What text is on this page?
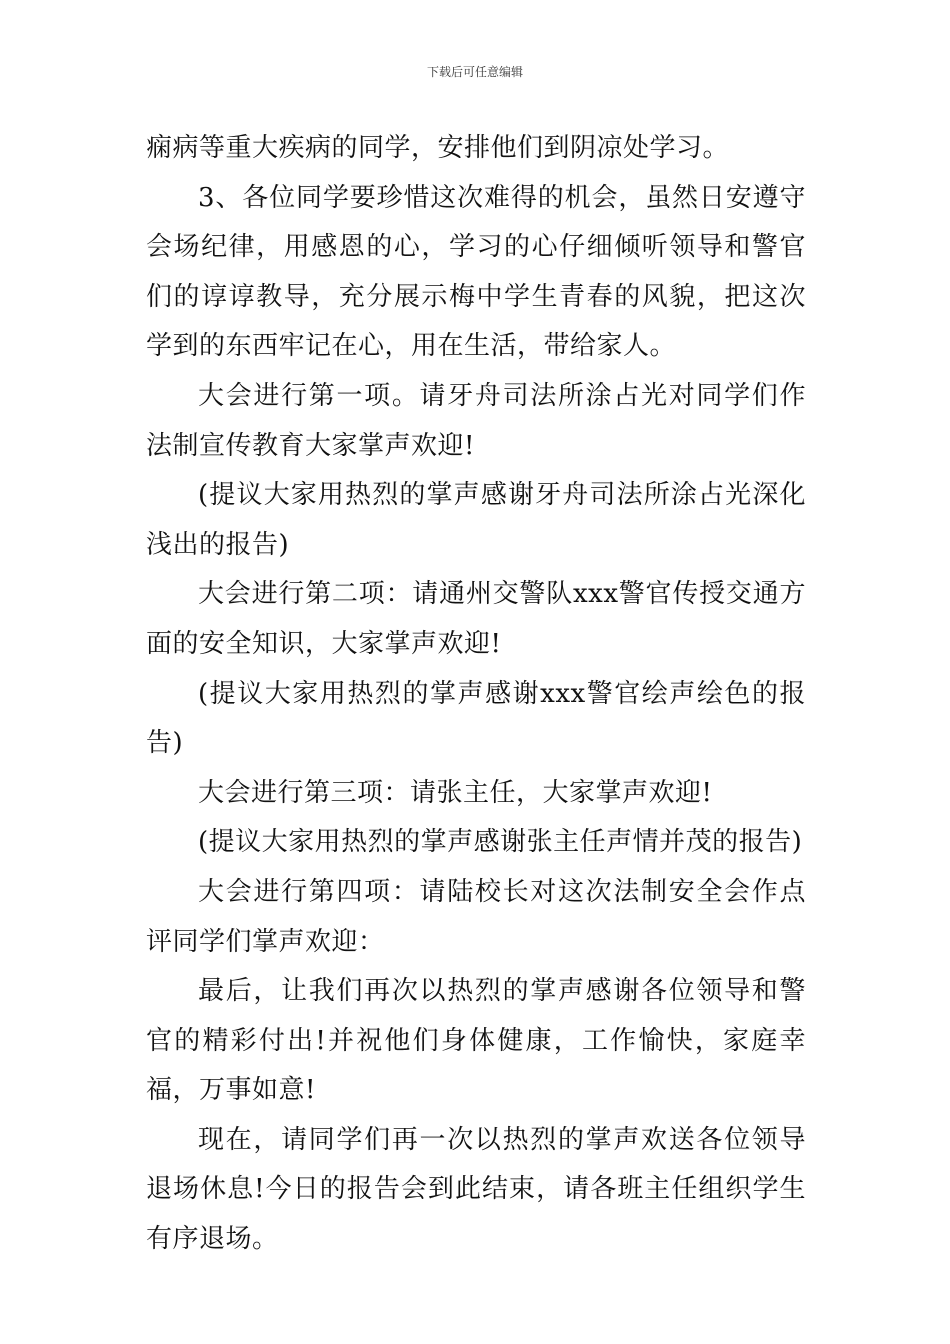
下载后可任意编辑

痫病等重大疾病的同学，安排他们到阴凉处学习。

3、各位同学要珍惜这次难得的机会，虽然日安遵守会场纪律，用感恩的心，学习的心仔细倾听领导和警官们的谆谆教导，充分展示梅中学生青春的风貌，把这次学到的东西牢记在心，用在生活，带给家人。

大会进行第一项。请牙舟司法所涂占光对同学们作法制宣传教育大家掌声欢迎!

(提议大家用热烈的掌声感谢牙舟司法所涂占光深化浅出的报告)

大会进行第二项：请通州交警队xxx警官传授交通方面的安全知识，大家掌声欢迎!

(提议大家用热烈的掌声感谢xxx警官绘声绘色的报告)

大会进行第三项：请张主任，大家掌声欢迎!

(提议大家用热烈的掌声感谢张主任声情并茂的报告)

大会进行第四项：请陆校长对这次法制安全会作点评同学们掌声欢迎：

最后，让我们再次以热烈的掌声感谢各位领导和警官的精彩付出!并祝他们身体健康，工作愉快，家庭幸福，万事如意!

现在，请同学们再一次以热烈的掌声欢送各位领导退场休息!今日的报告会到此结束，请各班主任组织学生有序退场。
